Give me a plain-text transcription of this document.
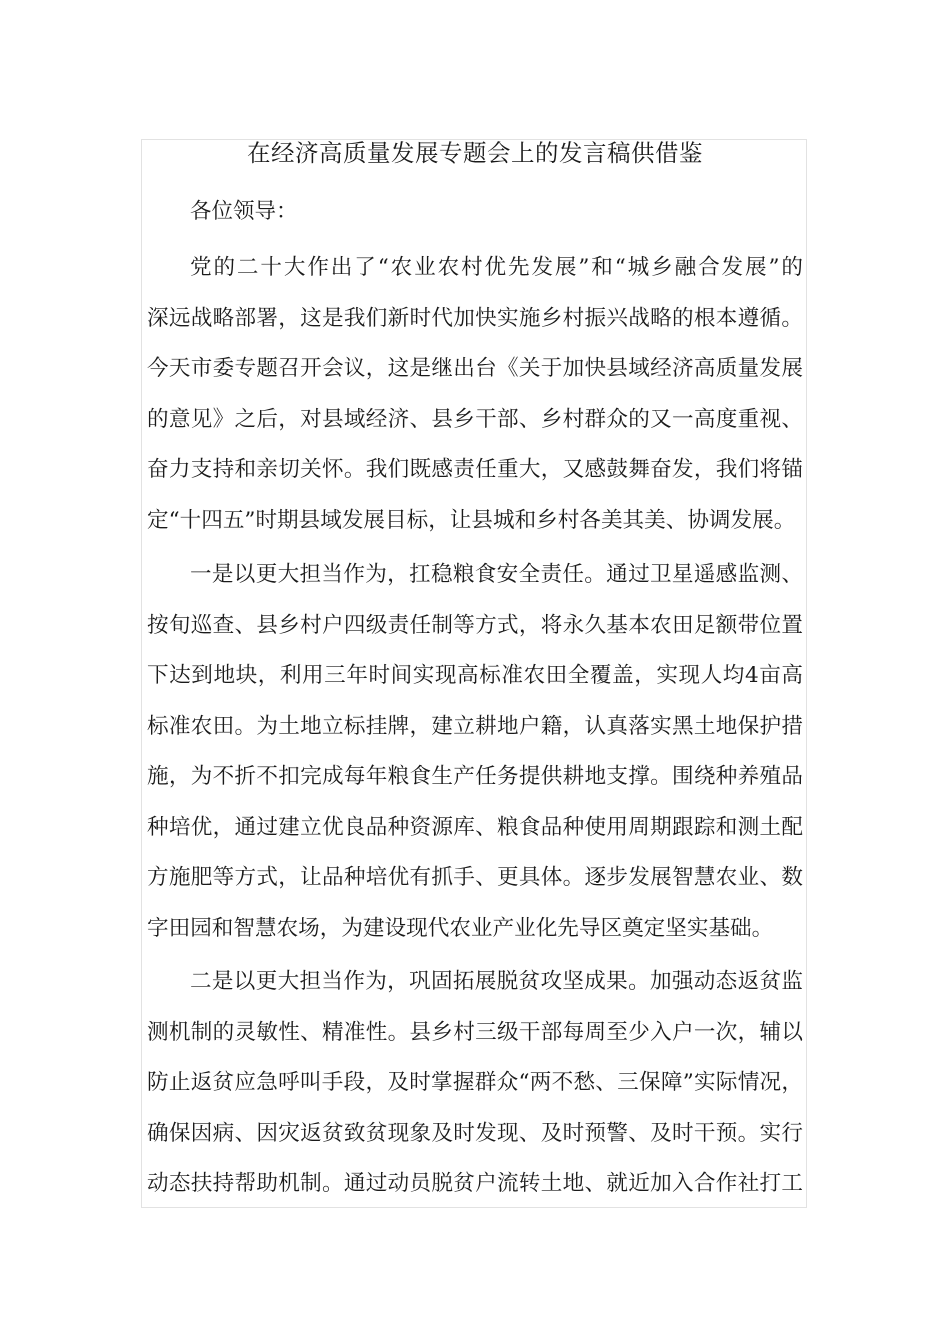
在经济高质量发展专题会上的发言稿供借鉴
各位领导：
党的二十大作出了“农业农村优先发展”和“城乡融合发展”的
深远战略部署，这是我们新时代加快实施乡村振兴战略的根本遵循。
今天市委专题召开会议，这是继出台《关于加快县域经济高质量发展
的意见》之后，对县域经济、县乡干部、乡村群众的又一高度重视、
奋力支持和亲切关怀。我们既感责任重大，又感鼓舞奋发，我们将锚
定“十四五”时期县域发展目标，让县城和乡村各美其美、协调发展。
一是以更大担当作为，扛稳粮食安全责任。通过卫星遥感监测、
按旬巡查、县乡村户四级责任制等方式，将永久基本农田足额带位置
下达到地块，利用三年时间实现高标准农田全覆盖，实现人均4亩高
标准农田。为土地立标挂牌，建立耕地户籍，认真落实黑土地保护措
施，为不折不扣完成每年粮食生产任务提供耕地支撑。围绕种养殖品
种培优，通过建立优良品种资源库、粮食品种使用周期跟踪和测土配
方施肥等方式，让品种培优有抓手、更具体。逐步发展智慧农业、数
字田园和智慧农场，为建设现代农业产业化先导区奠定坚实基础。
二是以更大担当作为，巩固拓展脱贫攻坚成果。加强动态返贫监
测机制的灵敏性、精准性。县乡村三级干部每周至少入户一次，辅以
防止返贫应急呼叫手段，及时掌握群众“两不愁、三保障”实际情况，
确保因病、因灾返贫致贫现象及时发现、及时预警、及时干预。实行
动态扶持帮助机制。通过动员脱贫户流转土地、就近加入合作社打工
